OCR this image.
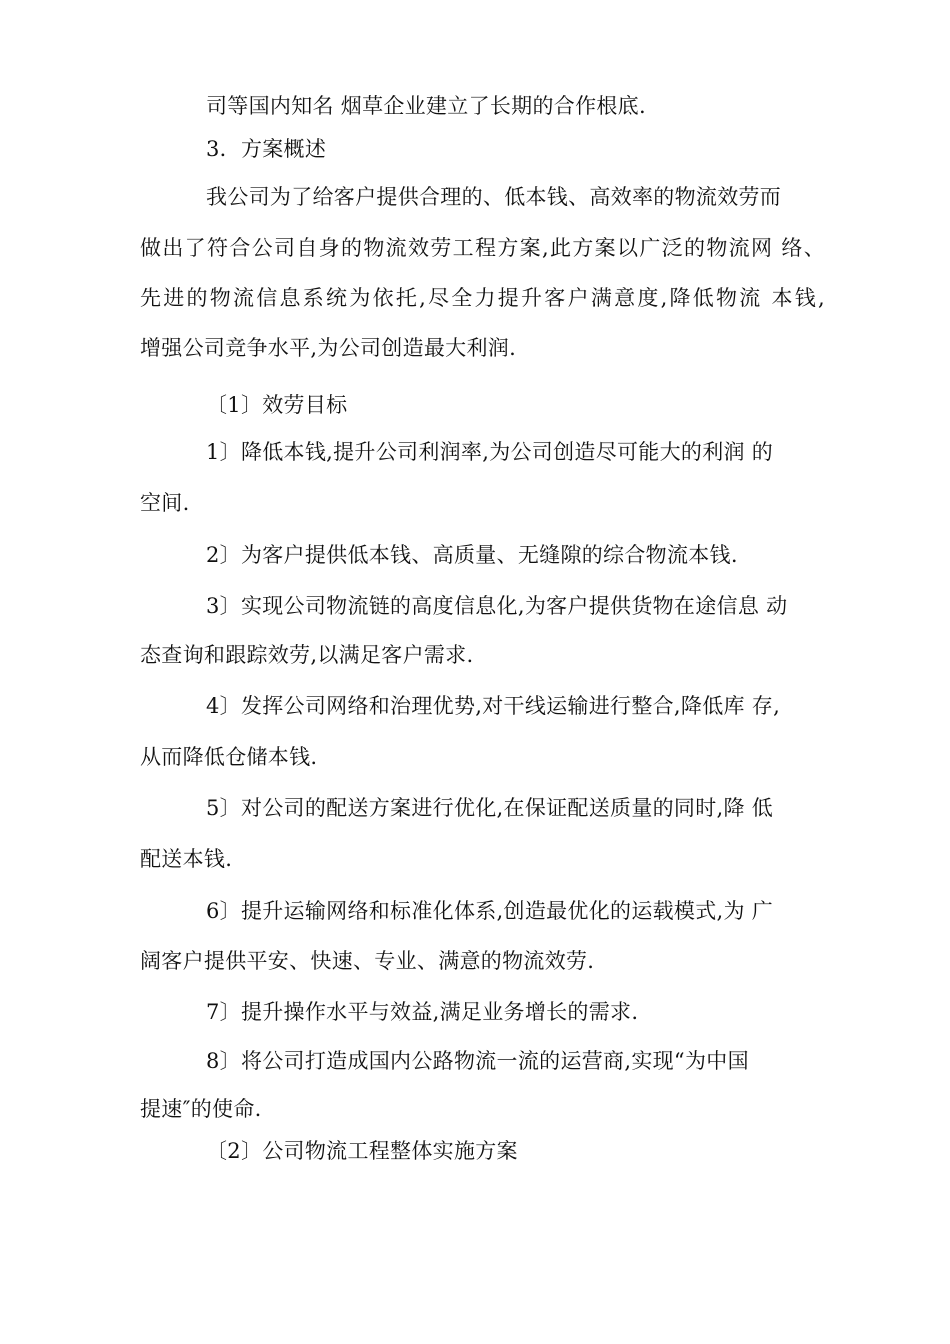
司等国内知名 烟草企业建立了长期的合作根底.
3．方案概述
我公司为了给客户提供合理的、低本钱、高效率的物流效劳而
做出了符合公司自身的物流效劳工程方案,此方案以广泛的物流网 络、
先进的物流信息系统为依托,尽全力提升客户满意度,降低物流 本钱,
增强公司竞争水平,为公司创造最大利润.
〔1〕效劳目标
1〕降低本钱,提升公司利润率,为公司创造尽可能大的利润 的
空间.
2〕为客户提供低本钱、高质量、无缝隙的综合物流本钱.
3〕实现公司物流链的高度信息化,为客户提供货物在途信息 动
态查询和跟踪效劳,以满足客户需求.
4〕发挥公司网络和治理优势,对干线运输进行整合,降低库 存,
从而降低仓储本钱.
5〕对公司的配送方案进行优化,在保证配送质量的同时,降 低
配送本钱.
6〕提升运输网络和标准化体系,创造最优化的运载模式,为 广
阔客户提供平安、快速、专业、满意的物流效劳.
7〕提升操作水平与效益,满足业务增长的需求.
8〕将公司打造成国内公路物流一流的运营商,实现“为中国
提速″的使命.
〔2〕公司物流工程整体实施方案
